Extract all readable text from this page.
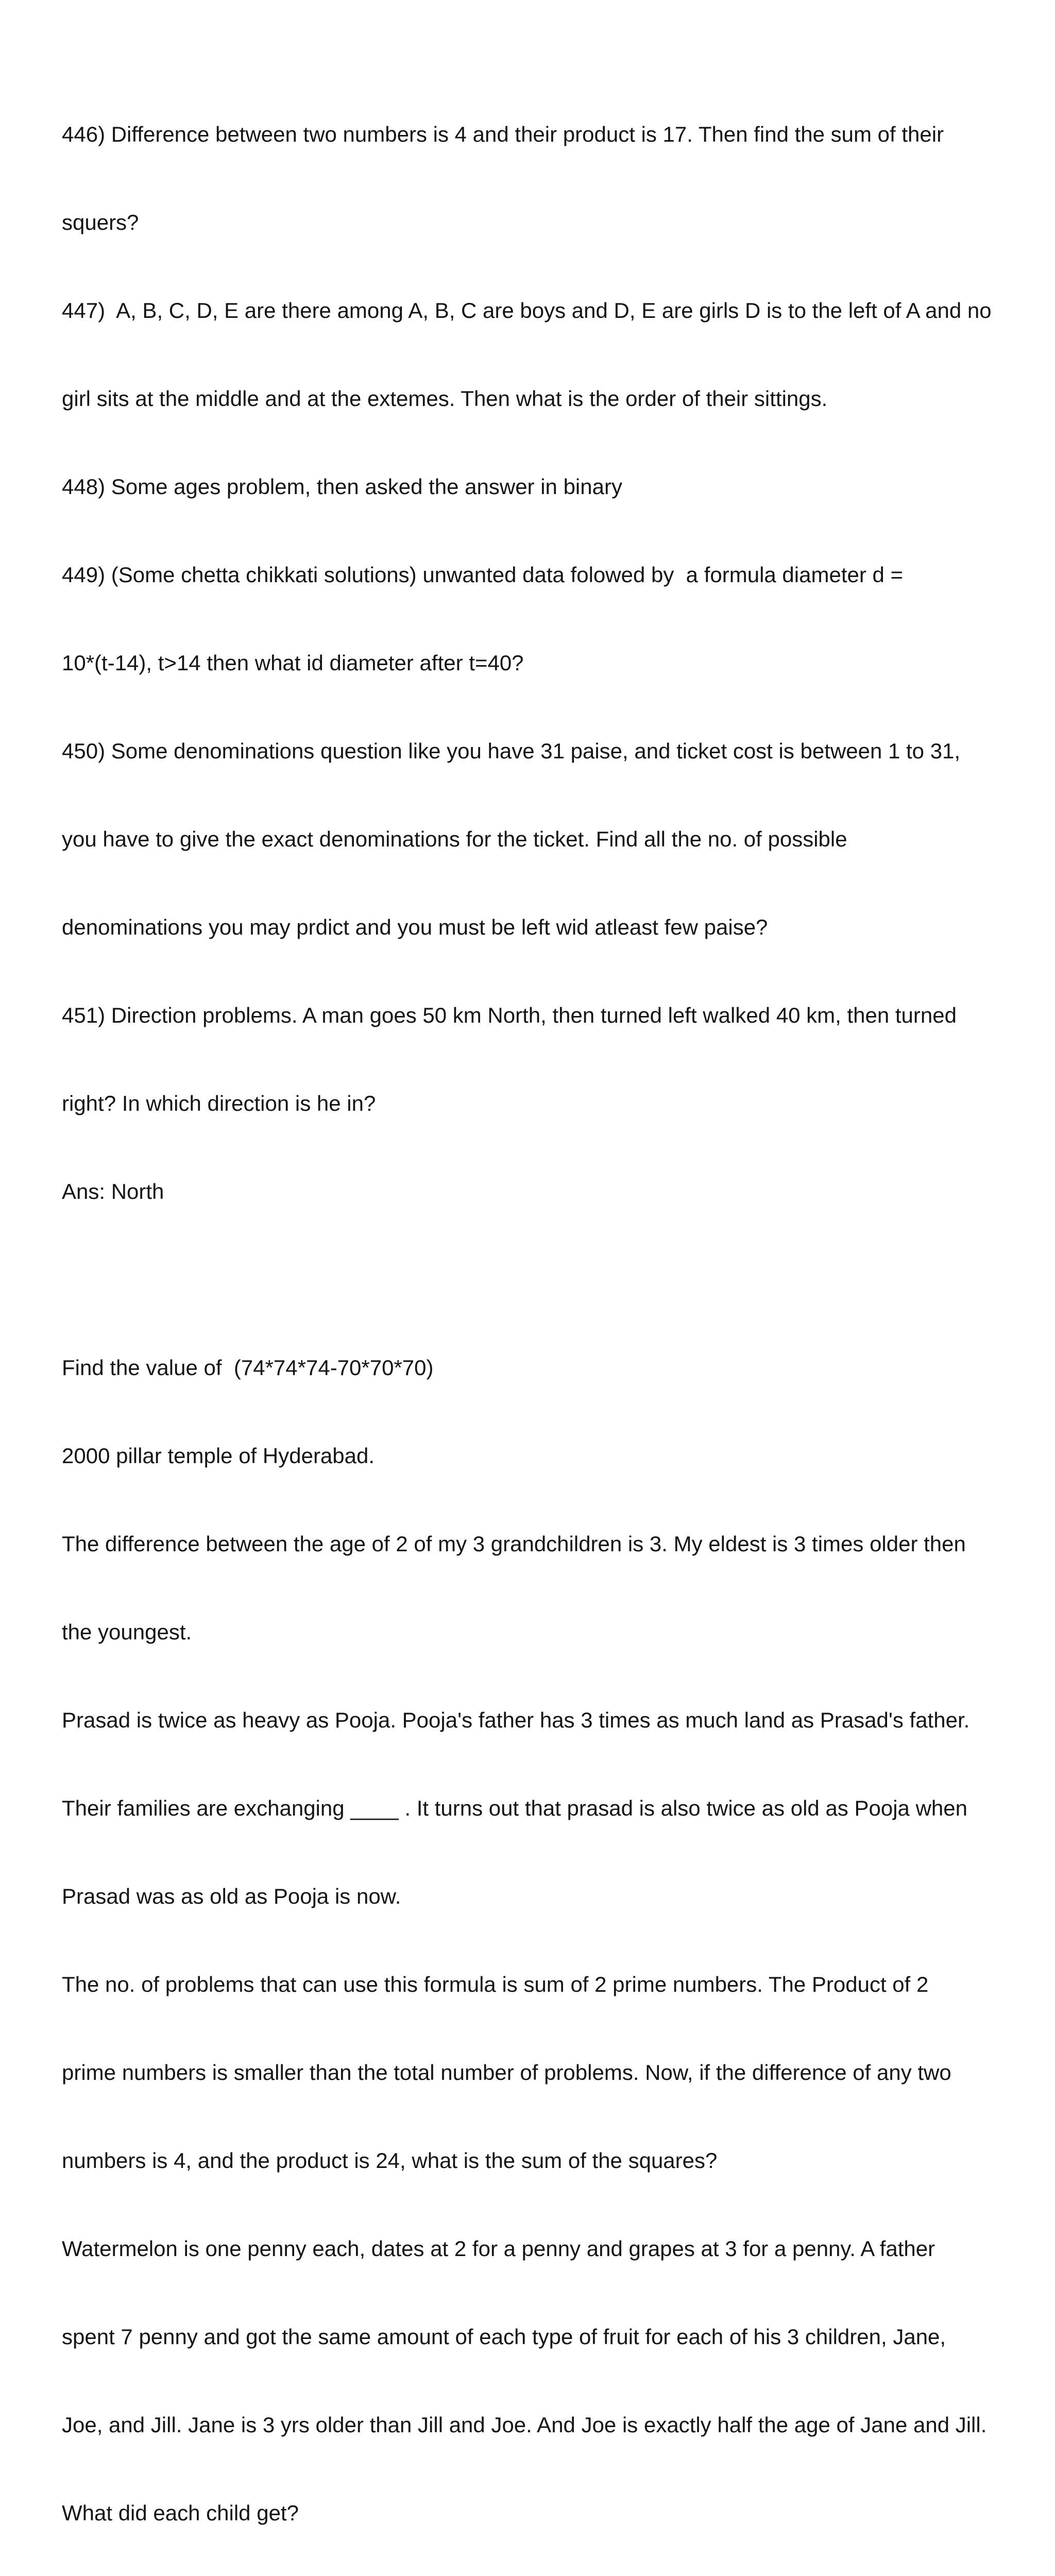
446) Difference between two numbers is 4 and their product is 17. Then find the sum of their

squers?

447)  A, B, C, D, E are there among A, B, C are boys and D, E are girls D is to the left of A and no

girl sits at the middle and at the extemes. Then what is the order of their sittings.

448) Some ages problem, then asked the answer in binary

449) (Some chetta chikkati solutions) unwanted data folowed by  a formula diameter d =

10*(t-14), t>14 then what id diameter after t=40?

450) Some denominations question like you have 31 paise, and ticket cost is between 1 to 31,

you have to give the exact denominations for the ticket. Find all the no. of possible

denominations you may prdict and you must be left wid atleast few paise?

451) Direction problems. A man goes 50 km North, then turned left walked 40 km, then turned

right? In which direction is he in?

Ans: North

Find the value of  (74*74*74-70*70*70)

2000 pillar temple of Hyderabad.

The difference between the age of 2 of my 3 grandchildren is 3. My eldest is 3 times older then

the youngest.

Prasad is twice as heavy as Pooja. Pooja's father has 3 times as much land as Prasad's father.

Their families are exchanging ____ . It turns out that prasad is also twice as old as Pooja when

Prasad was as old as Pooja is now.

The no. of problems that can use this formula is sum of 2 prime numbers. The Product of 2

prime numbers is smaller than the total number of problems. Now, if the difference of any two

numbers is 4, and the product is 24, what is the sum of the squares?

Watermelon is one penny each, dates at 2 for a penny and grapes at 3 for a penny. A father

spent 7 penny and got the same amount of each type of fruit for each of his 3 children, Jane,

Joe, and Jill. Jane is 3 yrs older than Jill and Joe. And Joe is exactly half the age of Jane and Jill.

What did each child get?
